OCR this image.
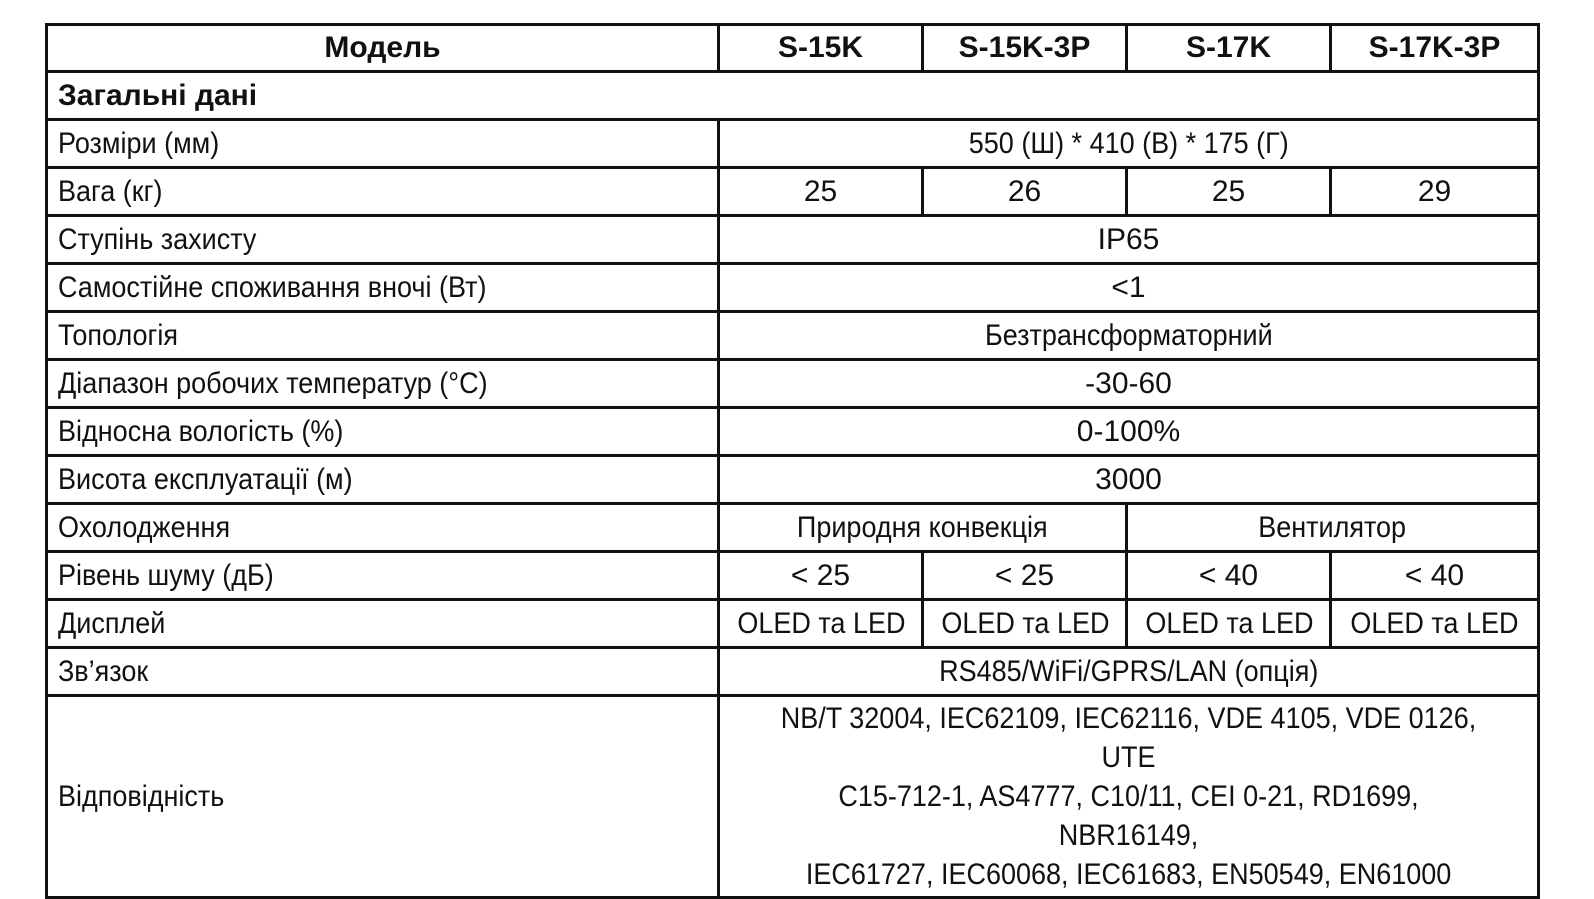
Модель	S-15K	S-15K-3P	S-17K	S-17K-3P
Загальні дані				
Розміри (мм)	550 (Ш) * 410 (В) * 175 (Г)			
Вага (кг)	25	26	25	29
Ступінь захисту	IP65			
Самостійне споживання вночі (Вт)	<1			
Топологія	Безтрансформаторний			
Діапазон робочих температур (°C)	-30-60			
Відносна вологість (%)	0-100%			
Висота експлуатації (м)	3000			
Охолодження	Природня конвекція		Вентилятор	
Рівень шуму (дБ)	< 25	< 25	< 40	< 40
Дисплей	OLED та LED	OLED та LED	OLED та LED	OLED та LED
Зв’язок	RS485/WiFi/GPRS/LAN (опція)			
Відповідність	NB/T 32004, IEC62109, IEC62116, VDE 4105, VDE 0126, UTE
C15-712-1, AS4777, C10/11, CEI 0-21, RD1699, NBR16149,
IEC61727, IEC60068, IEC61683, EN50549, EN61000			
